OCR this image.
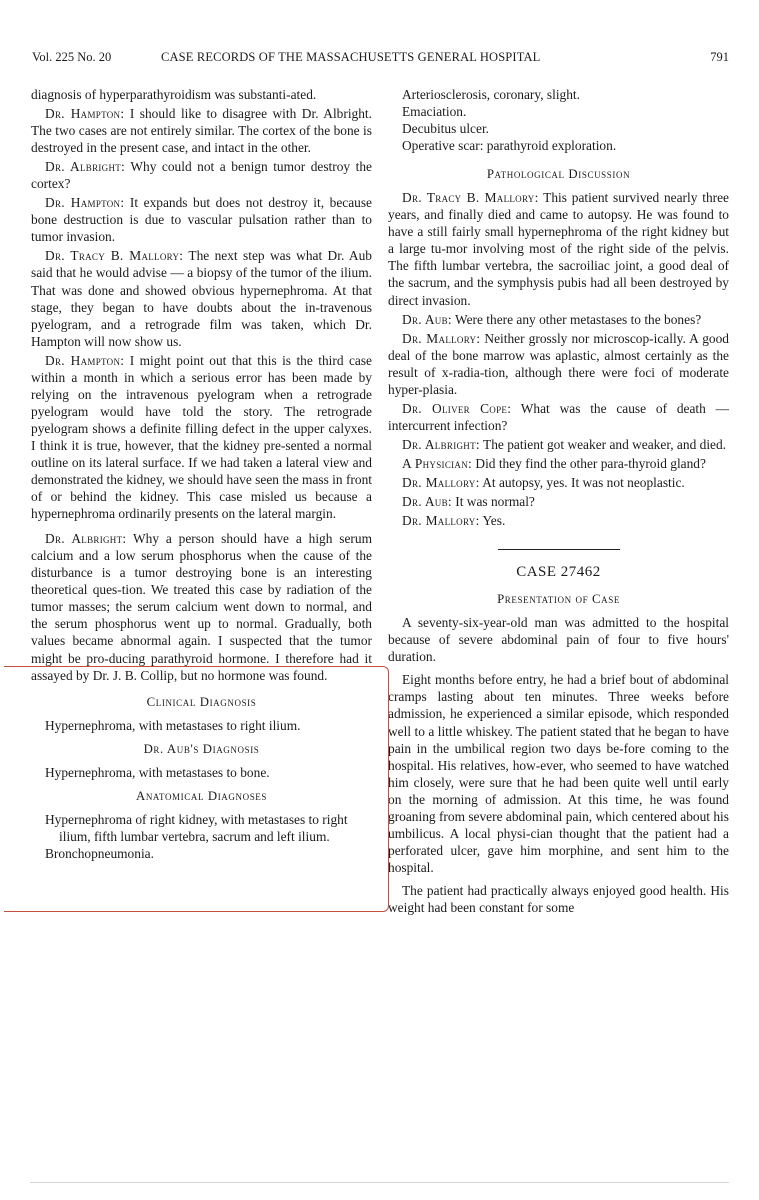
Vol. 225 No. 20	CASE RECORDS OF THE MASSACHUSETTS GENERAL HOSPITAL	791

diagnosis of hyperparathyroidism was substanti-ated.

Dr. Hampton: I should like to disagree with Dr. Albright. The two cases are not entirely similar. The cortex of the bone is destroyed in the present case, and intact in the other.

Dr. Albright: Why could not a benign tumor destroy the cortex?

Dr. Hampton: It expands but does not destroy it, because bone destruction is due to vascular pulsation rather than to tumor invasion.

Dr. Tracy B. Mallory: The next step was what Dr. Aub said that he would advise — a biopsy of the tumor of the ilium. That was done and showed obvious hypernephroma. At that stage, they began to have doubts about the in-travenous pyelogram, and a retrograde film was taken, which Dr. Hampton will now show us.

Dr. Hampton: I might point out that this is the third case within a month in which a serious error has been made by relying on the intravenous pyelogram when a retrograde pyelogram would have told the story. The retrograde pyelogram shows a definite filling defect in the upper calyxes. I think it is true, however, that the kidney pre-sented a normal outline on its lateral surface. If we had taken a lateral view and demonstrated the kidney, we should have seen the mass in front of or behind the kidney. This case misled us because a hypernephroma ordinarily presents on the lateral margin.

Dr. Albright: Why a person should have a high serum calcium and a low serum phosphorus when the cause of the disturbance is a tumor destroying bone is an interesting theoretical ques-tion. We treated this case by radiation of the tumor masses; the serum calcium went down to normal, and the serum phosphorus went up to normal. Gradually, both values became abnormal again. I suspected that the tumor might be pro-ducing parathyroid hormone. I therefore had it assayed by Dr. J. B. Collip, but no hormone was found.

Clinical Diagnosis

Hypernephroma, with metastases to right ilium.

Dr. Aub's Diagnosis

Hypernephroma, with metastases to bone.

Anatomical Diagnoses

Hypernephroma of right kidney, with metastases to right ilium, fifth lumbar vertebra, sacrum and left ilium.

Bronchopneumonia.

Arteriosclerosis, coronary, slight.

Emaciation.

Decubitus ulcer.

Operative scar: parathyroid exploration.

Pathological Discussion

Dr. Tracy B. Mallory: This patient survived nearly three years, and finally died and came to autopsy. He was found to have a still fairly small hypernephroma of the right kidney but a large tu-mor involving most of the right side of the pelvis. The fifth lumbar vertebra, the sacroiliac joint, a good deal of the sacrum, and the symphysis pubis had all been destroyed by direct invasion.

Dr. Aub: Were there any other metastases to the bones?

Dr. Mallory: Neither grossly nor microscop-ically. A good deal of the bone marrow was aplastic, almost certainly as the result of x-radia-tion, although there were foci of moderate hyper-plasia.

Dr. Oliver Cope: What was the cause of death — intercurrent infection?

Dr. Albright: The patient got weaker and weaker, and died.

A Physician: Did they find the other para-thyroid gland?

Dr. Mallory: At autopsy, yes. It was not neoplastic.

Dr. Aub: It was normal?

Dr. Mallory: Yes.

CASE 27462
Presentation of Case

A seventy-six-year-old man was admitted to the hospital because of severe abdominal pain of four to five hours' duration.

Eight months before entry, he had a brief bout of abdominal cramps lasting about ten minutes. Three weeks before admission, he experienced a similar episode, which responded well to a little whiskey. The patient stated that he began to have pain in the umbilical region two days be-fore coming to the hospital. His relatives, how-ever, who seemed to have watched him closely, were sure that he had been quite well until early on the morning of admission. At this time, he was found groaning from severe abdominal pain, which centered about his umbilicus. A local physi-cian thought that the patient had a perforated ulcer, gave him morphine, and sent him to the hospital.

The patient had practically always enjoyed good health. His weight had been constant for some
